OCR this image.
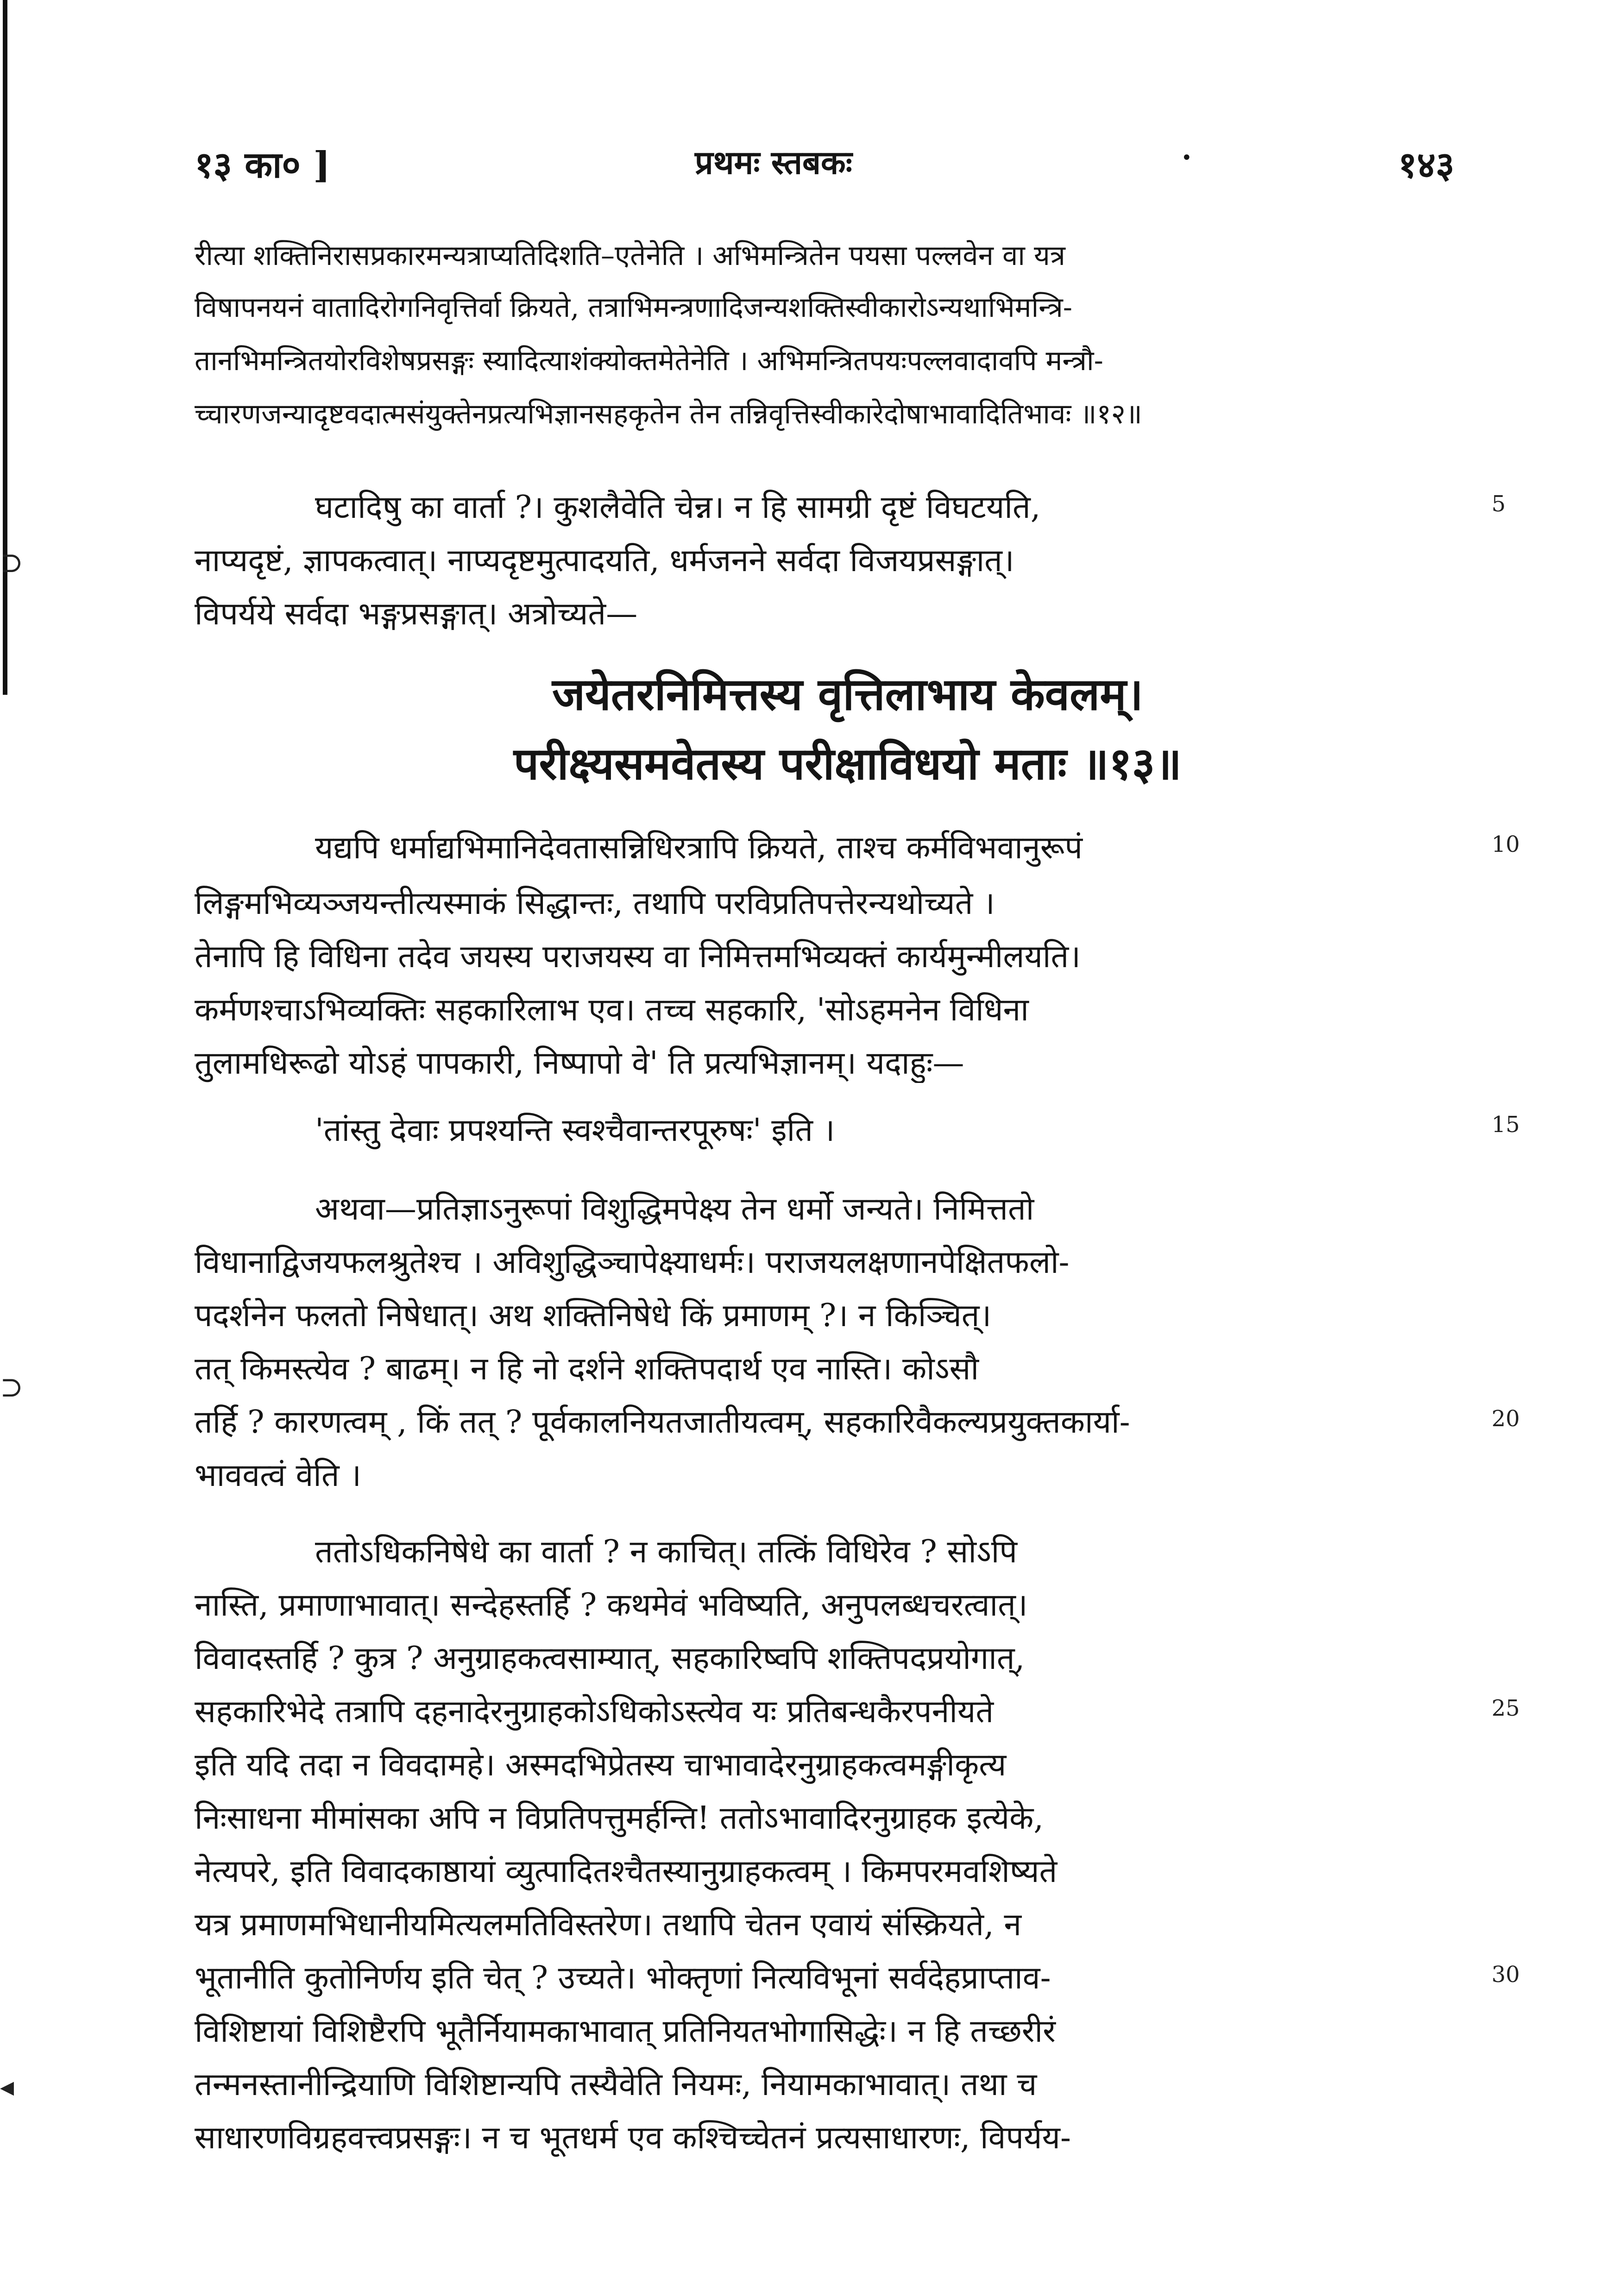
⊃
⊃
◂
१३ का० ]	प्रथमः स्तबकः	•	१४३
रीत्या शक्तिनिरासप्रकारमन्यत्राप्यतिदिशति–एतेनेति । अभिमन्त्रितेन पयसा पल्लवेन वा यत्र
विषापनयनं वातादिरोगनिवृत्तिर्वा क्रियते, तत्राभिमन्त्रणादिजन्यशक्तिस्वीकारोऽन्यथाभिमन्त्रि-
तानभिमन्त्रितयोरविशेषप्रसङ्गः स्यादित्याशंक्योक्तमेतेनेति । अभिमन्त्रितपयःपल्लवादावपि मन्त्रौ-
च्चारणजन्यादृष्टवदात्मसंयुक्तेनप्रत्यभिज्ञानसहकृतेन तेन तन्निवृत्तिस्वीकारेदोषाभावादितिभावः ॥१२॥
घटादिषु का वार्ता ?। कुशलैवेति चेन्न। न हि सामग्री दृष्टं विघटयति,
नाप्यदृष्टं, ज्ञापकत्वात्। नाप्यदृष्टमुत्पादयति, धर्मजनने सर्वदा विजयप्रसङ्गात्।
विपर्यये सर्वदा भङ्गप्रसङ्गात्। अत्रोच्यते—
जयेतरनिमित्तस्य वृत्तिलाभाय केवलम्।
परीक्ष्यसमवेतस्य परीक्षाविधयो मताः ॥१३॥
यद्यपि धर्माद्यभिमानिदेवतासन्निधिरत्रापि क्रियते, ताश्च कर्मविभवानुरूपं
लिङ्गमभिव्यञ्जयन्तीत्यस्माकं सिद्धान्तः, तथापि परविप्रतिपत्तेरन्यथोच्यते ।
तेनापि हि विधिना तदेव जयस्य पराजयस्य वा निमित्तमभिव्यक्तं कार्यमुन्मीलयति।
कर्मणश्चाऽभिव्यक्तिः सहकारिलाभ एव। तच्च सहकारि, 'सोऽहमनेन विधिना
तुलामधिरूढो योऽहं पापकारी, निष्पापो वे' ति प्रत्यभिज्ञानम्। यदाहुः—
'तांस्तु देवाः प्रपश्यन्ति स्वश्चैवान्तरपूरुषः' इति ।
अथवा—प्रतिज्ञाऽनुरूपां विशुद्धिमपेक्ष्य तेन धर्मो जन्यते। निमित्ततो
विधानाद्विजयफलश्रुतेश्च । अविशुद्धिञ्चापेक्ष्याधर्मः। पराजयलक्षणानपेक्षितफलो-
पदर्शनेन फलतो निषेधात्। अथ शक्तिनिषेधे किं प्रमाणम् ?। न किञ्चित्।
तत् किमस्त्येव ? बाढम्। न हि नो दर्शने शक्तिपदार्थ एव नास्ति। कोऽसौ
तर्हि ? कारणत्वम् , किं तत् ? पूर्वकालनियतजातीयत्वम्, सहकारिवैकल्यप्रयुक्तकार्या-
भाववत्वं वेति ।
ततोऽधिकनिषेधे का वार्ता ? न काचित्। तत्किं विधिरेव ? सोऽपि
नास्ति, प्रमाणाभावात्। सन्देहस्तर्हि ? कथमेवं भविष्यति, अनुपलब्धचरत्वात्।
विवादस्तर्हि ? कुत्र ? अनुग्राहकत्वसाम्यात्, सहकारिष्वपि शक्तिपदप्रयोगात्,
सहकारिभेदे तत्रापि दहनादेरनुग्राहकोऽधिकोऽस्त्येव यः प्रतिबन्धकैरपनीयते
इति यदि तदा न विवदामहे। अस्मदभिप्रेतस्य चाभावादेरनुग्राहकत्वमङ्गीकृत्य
निःसाधना मीमांसका अपि न विप्रतिपत्तुमर्हन्ति! ततोऽभावादिरनुग्राहक इत्येके,
नेत्यपरे, इति विवादकाष्ठायां व्युत्पादितश्चैतस्यानुग्राहकत्वम् । किमपरमवशिष्यते
यत्र प्रमाणमभिधानीयमित्यलमतिविस्तरेण। तथापि चेतन एवायं संस्क्रियते, न
भूतानीति कुतोनिर्णय इति चेत् ? उच्यते। भोक्तृणां नित्यविभूनां सर्वदेहप्राप्ताव-
विशिष्टायां विशिष्टैरपि भूतैर्नियामकाभावात् प्रतिनियतभोगासिद्धेः। न हि तच्छरीरं
तन्मनस्तानीन्द्रियाणि विशिष्टान्यपि तस्यैवेति नियमः, नियामकाभावात्। तथा च
साधारणविग्रहवत्त्वप्रसङ्गः। न च भूतधर्म एव कश्चिच्चेतनं प्रत्यसाधारणः, विपर्यय-
5
10
15
20
25
30
